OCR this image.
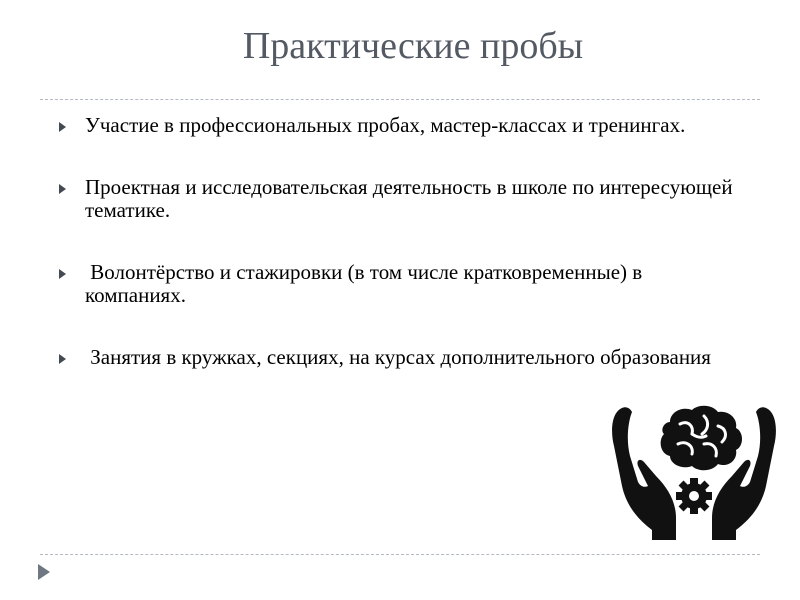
Практические пробы
Участие в профессиональных пробах, мастер-классах и тренингах.
Проектная и исследовательская деятельность в школе по интересующей тематике.
Волонтёрство и стажировки (в том числе кратковременные) в компаниях.
Занятия в кружках, секциях, на курсах дополнительного образования
